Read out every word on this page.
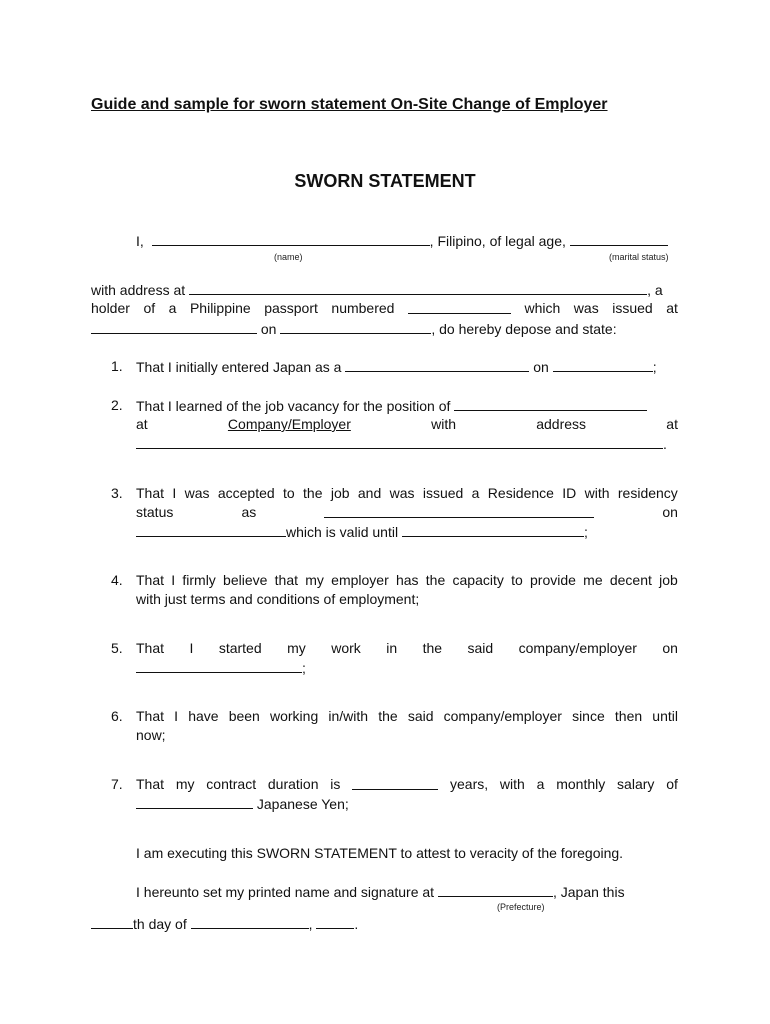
Guide and sample for sworn statement On-Site Change of Employer
SWORN STATEMENT
I,	, Filipino, of legal age,
(name)	(marital status)
with address at	, a
holder of a Philippine passport numbered	which was issued at
on	, do hereby depose and state:
1. That I initially entered Japan as a	on	;
2. That I learned of the job vacancy for the position of
at	Company/Employer	with	address	at
.
3. That I was accepted to the job and was issued a Residence ID with residency
status	as	on
which is valid until	;
4. That I firmly believe that my employer has the capacity to provide me decent job
with just terms and conditions of employment;
5. That I started my work in the said company/employer on
;
6. That I have been working in/with the said company/employer since then until
now;
7. That my contract duration is	years, with a monthly salary of
Japanese Yen;
I am executing this SWORN STATEMENT to attest to veracity of the foregoing.
I hereunto set my printed name and signature at	, Japan this
(Prefecture)
th day of	,	.
